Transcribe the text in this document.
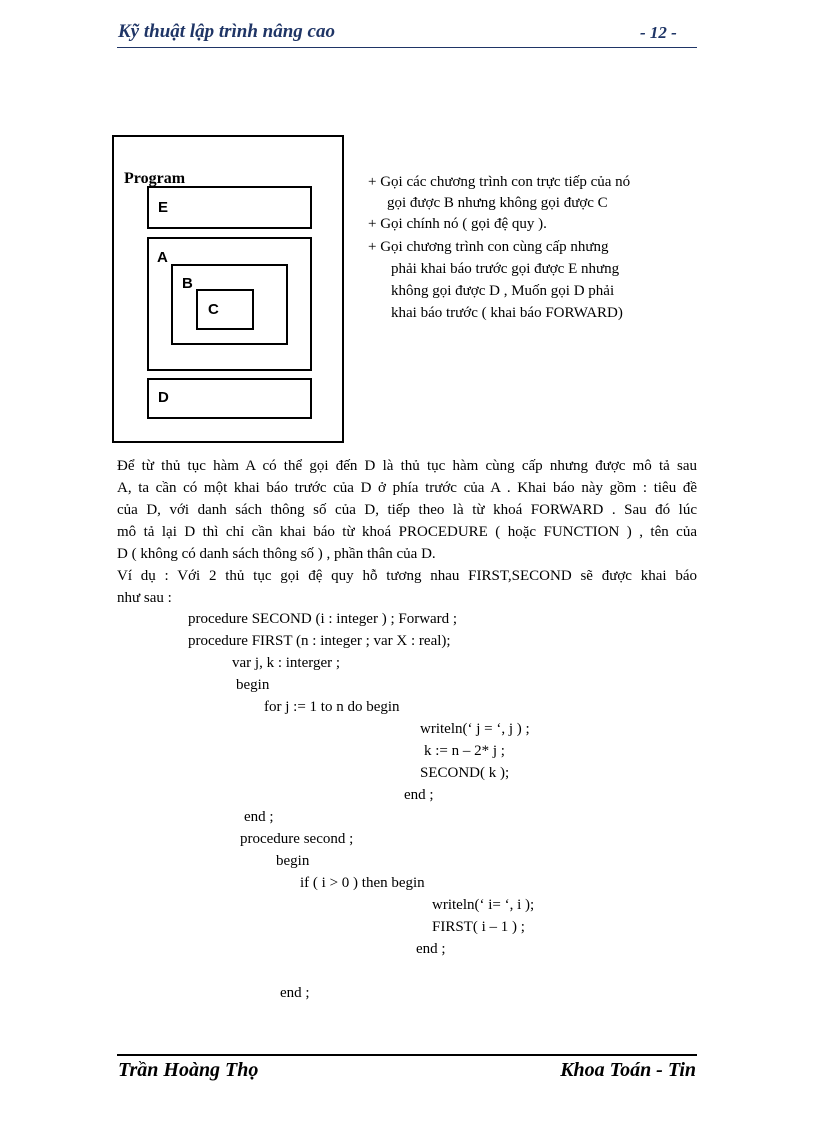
Kỹ thuật lập trình nâng cao	- 12 -
Program
E
A
B
C
D
+ Gọi các chương trình con trực tiếp của nó
gọi được B nhưng không gọi được C
+ Gọi chính nó ( gọi đệ quy ).
+ Gọi chương trình con cùng cấp nhưng
phải khai báo trước gọi được E nhưng
không gọi được D , Muốn gọi D phải
khai báo trước ( khai báo FORWARD)
Để từ thủ tục hàm A có thể gọi đến D là thủ tục hàm cùng cấp nhưng được mô tả sau
A, ta cần có một khai báo trước của D ở phía trước của A . Khai báo này gồm : tiêu đề
của D, với danh sách thông số của D, tiếp theo là từ khoá FORWARD . Sau đó lúc
mô tả lại D thì chỉ cần khai báo từ khoá PROCEDURE ( hoặc FUNCTION ) , tên của
D ( không có danh sách thông số ) , phần thân của D.
Ví dụ : Với 2 thủ tục gọi đệ quy hỗ tương nhau FIRST,SECOND sẽ được khai báo
như sau :
procedure SECOND (i : integer ) ; Forward ;
procedure FIRST (n : integer ; var X : real);
var j, k : interger ;
begin
for j := 1 to n do begin
writeln(‘ j = ‘, j ) ;
k := n – 2* j ;
SECOND( k );
end ;
end ;
procedure second ;
begin
if ( i > 0 ) then begin
writeln(‘ i= ‘, i );
FIRST( i – 1 ) ;
end ;
end ;
Trần Hoàng Thọ	Khoa Toán - Tin
